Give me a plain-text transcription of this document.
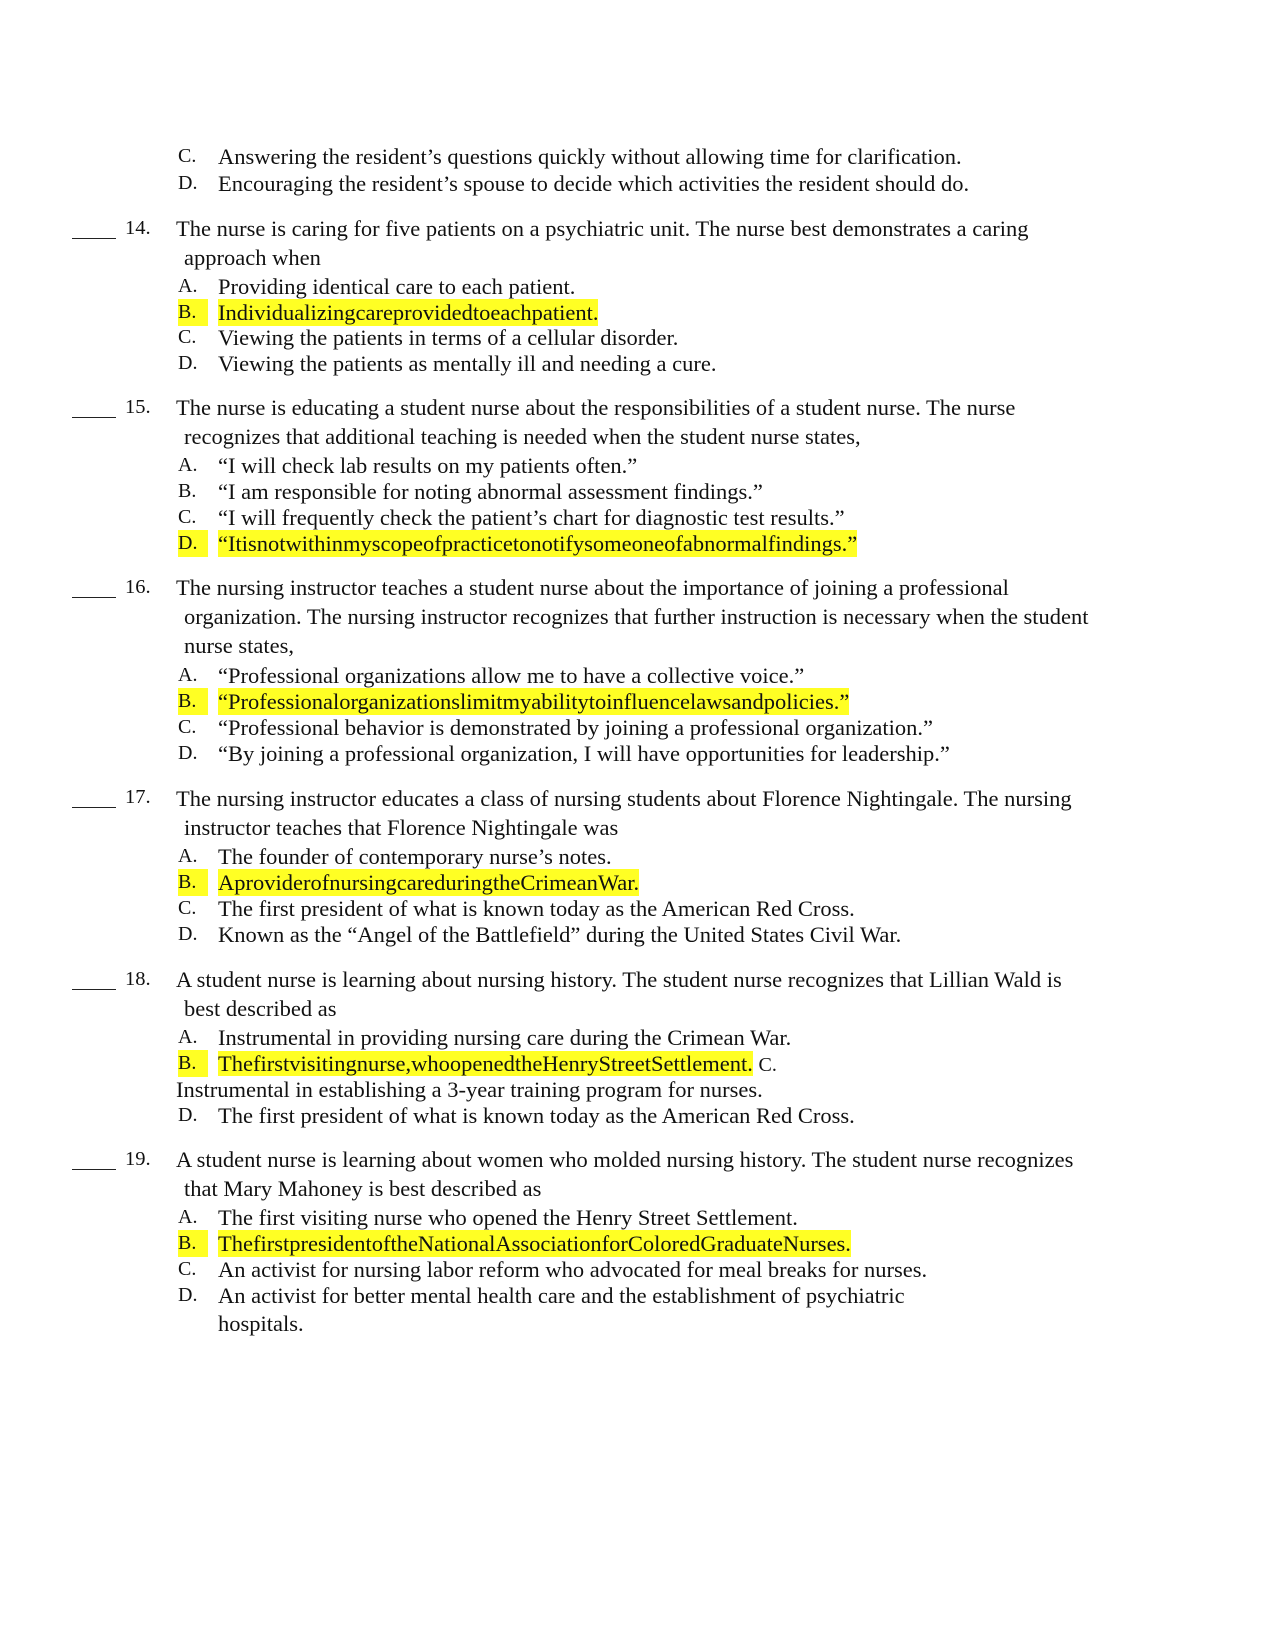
C. Answering the resident’s questions quickly without allowing time for clarification.
D. Encouraging the resident’s spouse to decide which activities the resident should do.
14. The nurse is caring for five patients on a psychiatric unit. The nurse best demonstrates a caring
approach when
A. Providing identical care to each patient.
B. Individualizingcareprovidedtoeachpatient.
C. Viewing the patients in terms of a cellular disorder.
D. Viewing the patients as mentally ill and needing a cure.
15. The nurse is educating a student nurse about the responsibilities of a student nurse. The nurse
recognizes that additional teaching is needed when the student nurse states,
A. “I will check lab results on my patients often.”
B. “I am responsible for noting abnormal assessment findings.”
C. “I will frequently check the patient’s chart for diagnostic test results.”
D. “Itisnotwithinmyscopeofpracticetonotifysomeoneofabnormalfindings.”
16. The nursing instructor teaches a student nurse about the importance of joining a professional
organization. The nursing instructor recognizes that further instruction is necessary when the student
nurse states,
A. “Professional organizations allow me to have a collective voice.”
B. “Professionalorganizationslimitmyabilitytoinfluencelawsandpolicies.”
C. “Professional behavior is demonstrated by joining a professional organization.”
D. “By joining a professional organization, I will have opportunities for leadership.”
17. The nursing instructor educates a class of nursing students about Florence Nightingale. The nursing
instructor teaches that Florence Nightingale was
A. The founder of contemporary nurse’s notes.
B. AproviderofnursingcareduringtheCrimeanWar.
C. The first president of what is known today as the American Red Cross.
D. Known as the “Angel of the Battlefield” during the United States Civil War.
18. A student nurse is learning about nursing history. The student nurse recognizes that Lillian Wald is
best described as
A. Instrumental in providing nursing care during the Crimean War.
B. Thefirstvisitingnurse,whoopenedtheHenryStreetSettlement. C.
Instrumental in establishing a 3-year training program for nurses.
D. The first president of what is known today as the American Red Cross.
19. A student nurse is learning about women who molded nursing history. The student nurse recognizes
that Mary Mahoney is best described as
A. The first visiting nurse who opened the Henry Street Settlement.
B. ThefirstpresidentoftheNationalAssociationforColoredGraduateNurses.
C. An activist for nursing labor reform who advocated for meal breaks for nurses.
D. An activist for better mental health care and the establishment of psychiatric
hospitals.
